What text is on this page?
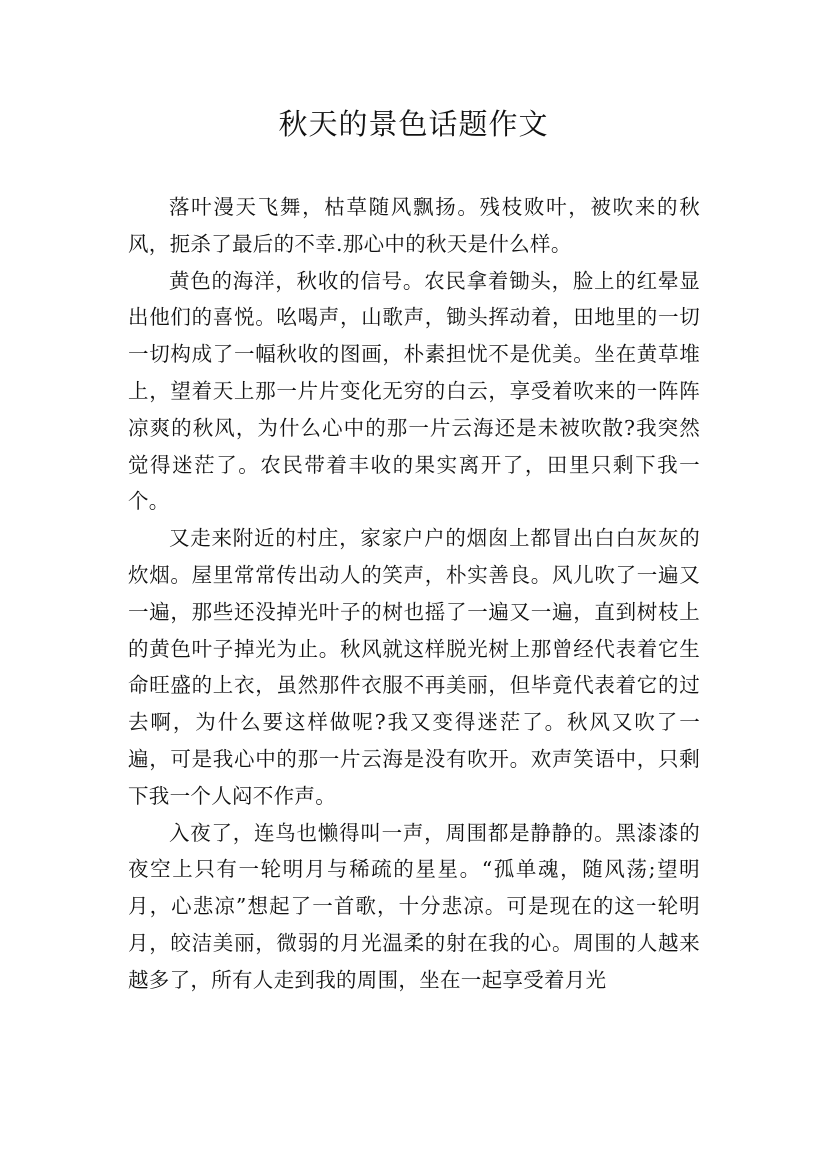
秋天的景色话题作文

落叶漫天飞舞，枯草随风飘扬。残枝败叶，被吹来的秋风，扼杀了最后的不幸.那心中的秋天是什么样。

黄色的海洋，秋收的信号。农民拿着锄头，脸上的红晕显出他们的喜悦。吆喝声，山歌声，锄头挥动着，田地里的一切一切构成了一幅秋收的图画，朴素担忧不是优美。坐在黄草堆上，望着天上那一片片变化无穷的白云，享受着吹来的一阵阵凉爽的秋风，为什么心中的那一片云海还是未被吹散?我突然觉得迷茫了。农民带着丰收的果实离开了，田里只剩下我一个。

又走来附近的村庄，家家户户的烟囱上都冒出白白灰灰的炊烟。屋里常常传出动人的笑声，朴实善良。风儿吹了一遍又一遍，那些还没掉光叶子的树也摇了一遍又一遍，直到树枝上的黄色叶子掉光为止。秋风就这样脱光树上那曾经代表着它生命旺盛的上衣，虽然那件衣服不再美丽，但毕竟代表着它的过去啊，为什么要这样做呢?我又变得迷茫了。秋风又吹了一遍，可是我心中的那一片云海是没有吹开。欢声笑语中，只剩下我一个人闷不作声。

入夜了，连鸟也懒得叫一声，周围都是静静的。黑漆漆的夜空上只有一轮明月与稀疏的星星。“孤单魂，随风荡;望明月，心悲凉”想起了一首歌，十分悲凉。可是现在的这一轮明月，皎洁美丽，微弱的月光温柔的射在我的心。周围的人越来越多了，所有人走到我的周围，坐在一起享受着月光
